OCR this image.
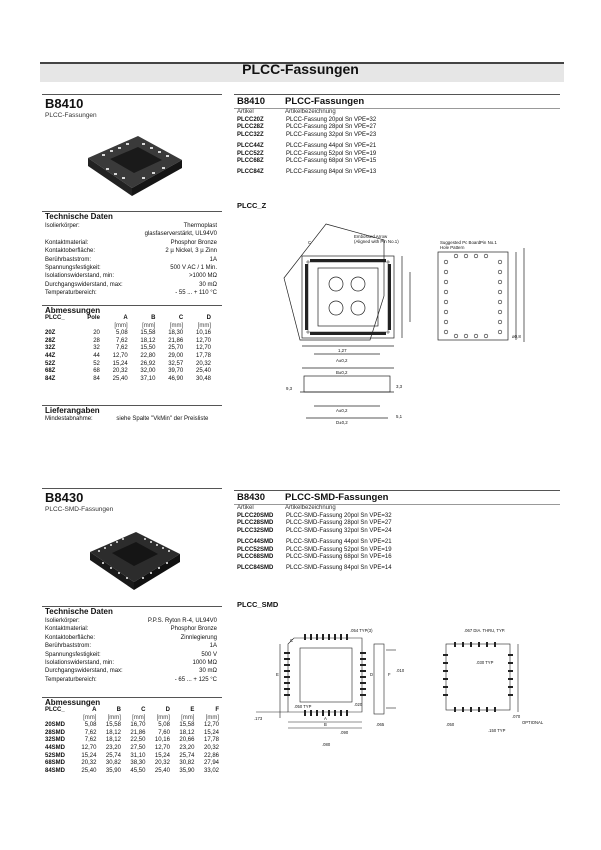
PLCC-Fassungen
B8410
PLCC-Fassungen
Technische Daten
Isolierkörper:	Thermoplast
glasfaserverstärkt, UL94V0
Kontaktmaterial:	Phosphor Bronze
Kontaktoberfläche:	2 µ Nickel, 3 µ Zinn
Berührbaststrom:	1A
Spannungsfestigkeit:	500 V AC / 1 Min.
Isolationswiderstand, min:	>1000 MΩ
Durchgangswiderstand, max:	30 mΩ
Temperaturbereich:	- 55 ... + 110 °C
Abmessungen
PLCC_	Pole	A	B	C	D
		[mm]	[mm]	[mm]	[mm]
20Z	20	5,08	15,58	18,30	10,16
28Z	28	7,62	18,12	21,86	12,70
32Z	32	7,62	15,50	25,70	12,70
44Z	44	12,70	22,80	29,00	17,78
52Z	52	15,24	26,92	32,57	20,32
68Z	68	20,32	32,00	39,70	25,40
84Z	84	25,40	37,10	46,90	30,48
Lieferangaben
Mindestabnahme:	siehe Spalte "VkMin" der Preisliste
B8410 PLCC-Fassungen
Artikel	Artikelbezeichnung
PLCC20Z	PLCC-Fassung 20pol Sn VPE=32
PLCC28Z	PLCC-Fassung 28pol Sn VPE=27
PLCC32Z	PLCC-Fassung 32pol Sn VPE=23
PLCC44Z	PLCC-Fassung 44pol Sn VPE=21
PLCC52Z	PLCC-Fassung 52pol Sn VPE=19
PLCC68Z	PLCC-Fassung 68pol Sn VPE=15
PLCC84Z	PLCC-Fassung 84pol Sn VPE=13
PLCC_Z
Embossed Arrow
(Aligned with Pin No.1)	Suggested Pc Board
Hole Pattern
Pin No.1
C
1,27
A±0,2
B±0,2
D±0,2
A±0,2
ø0,8
9,3	3,3
5,1
B8430
PLCC-SMD-Fassungen
Technische Daten
Isolierkörper:	P.P.S. Ryton R-4, UL94V0
Kontaktmaterial:	Phosphor Bronze
Kontaktoberfläche:	Zinnlegierung
Berührbaststrom:	1A
Spannungsfestigkeit:	500 V
Isolationswiderstand, min:	1000 MΩ
Durchgangswiderstand, max:	30 mΩ
Temperaturbereich:	- 65 ... + 125 °C
Abmessungen
PLCC_	A	B	C	D	E	F
	[mm]	[mm]	[mm]	[mm]	[mm]	[mm]
20SMD	5,08	15,58	16,70	5,08	15,58	12,70
28SMD	7,62	18,12	21,86	7,60	18,12	15,24
32SMD	7,62	18,12	22,50	10,16	20,66	17,78
44SMD	12,70	23,20	27,50	12,70	23,20	20,32
52SMD	15,24	25,74	31,10	15,24	25,74	22,86
68SMD	20,32	30,82	38,30	20,32	30,82	27,94
84SMD	25,40	35,90	45,50	25,40	35,90	33,02
B8430 PLCC-SMD-Fassungen
Artikel	Artikelbezeichnung
PLCC20SMD	PLCC-SMD-Fassung 20pol Sn VPE=32
PLCC28SMD	PLCC-SMD-Fassung 28pol Sn VPE=27
PLCC32SMD	PLCC-SMD-Fassung 32pol Sn VPE=24
PLCC44SMD	PLCC-SMD-Fassung 44pol Sn VPE=21
PLCC52SMD	PLCC-SMD-Fassung 52pol Sn VPE=19
PLCC68SMD	PLCC-SMD-Fassung 68pol Sn VPE=16
PLCC84SMD	PLCC-SMD-Fassung 84pol Sn VPE=14
PLCC_SMD
.054 TYP(3)	.067 DIA. THRU, TYP.
.030 TYP
.050 TYP	.020
.173
.090
.080
.065
.010
.050
.070
.150 TYP
OPTIONAL
A
B
C
D
E	F
